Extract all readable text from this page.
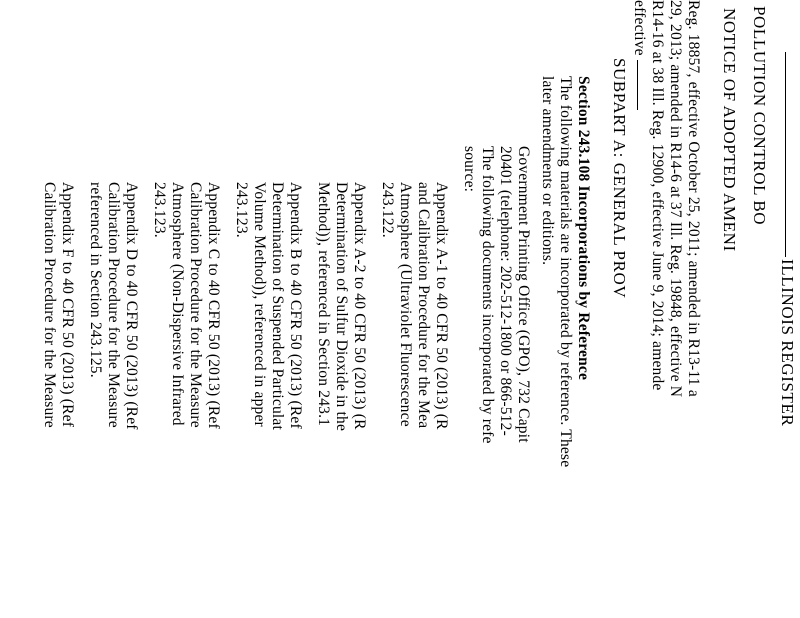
ILLINOIS REGISTER
POLLUTION CONTROL BO
NOTICE OF ADOPTED AMENI
Reg. 18857, effective October 25, 2011; amended in R13-11 a
29, 2013; amended in R14-6 at 37 Ill. Reg. 19848, effective N
R14-16 at 38 Ill. Reg. 12900, effective June 9, 2014; amende
effective
SUBPART A: GENERAL PROV
Section 243.108 Incorporations by Reference
The following materials are incorporated by reference. These
later amendments or editions.
Government Printing Office (GPO), 732 Capit
20401 (telephone: 202-512-1800 or 866-512-
The following documents incorporated by refe
source:
Appendix A-1 to 40 CFR 50 (2013) (R
and Calibration Procedure for the Mea
Atmosphere (Ultraviolet Fluorescence
243.122.
Appendix A-2 to 40 CFR 50 (2013) (R
Determination of Sulfur Dioxide in the
Method)), referenced in Section 243.1
Appendix B to 40 CFR 50 (2013) (Ref
Determination of Suspended Particulat
Volume Method)), referenced in apper
243.123.
Appendix C to 40 CFR 50 (2013) (Ref
Calibration Procedure for the Measure
Atmosphere (Non-Dispersive Infrared
243.123.
Appendix D to 40 CFR 50 (2013) (Ref
Calibration Procedure for the Measure
referenced in Section 243.125.
Appendix F to 40 CFR 50 (2013) (Ref
Calibration Procedure for the Measure
